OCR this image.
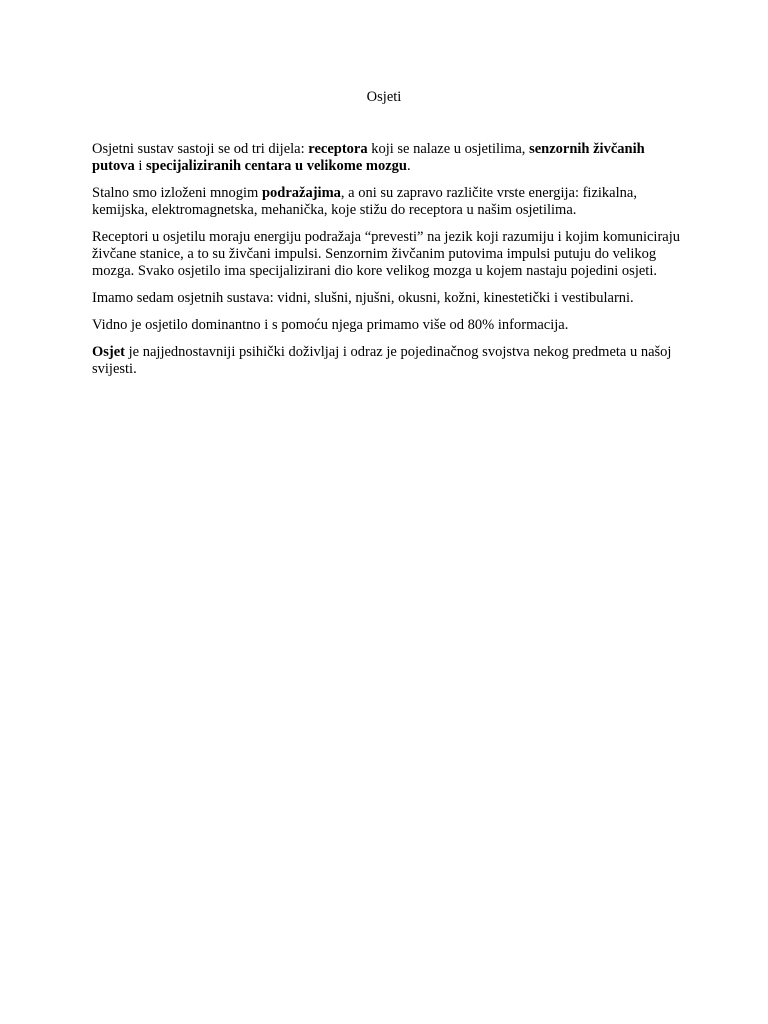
Osjeti

Osjetni sustav sastoji se od tri dijela: receptora koji se nalaze u osjetilima, senzornih živčanih putova i specijaliziranih centara u velikome mozgu.

Stalno smo izloženi mnogim podražajima, a oni su zapravo različite vrste energija: fizikalna, kemijska, elektromagnetska, mehanička, koje stižu do receptora u našim osjetilima.

Receptori u osjetilu moraju energiju podražaja “prevesti” na jezik koji razumiju i kojim komuniciraju živčane stanice, a to su živčani impulsi. Senzornim živčanim putovima impulsi putuju do velikog mozga. Svako osjetilo ima specijalizirani dio kore velikog mozga u kojem nastaju pojedini osjeti.

Imamo sedam osjetnih sustava: vidni, slušni, njušni, okusni, kožni, kinestetički i vestibularni.

Vidno je osjetilo dominantno i s pomoću njega primamo više od 80% informacija.

Osjet je najjednostavniji psihički doživljaj i odraz je pojedinačnog svojstva nekog predmeta u našoj svijesti.
